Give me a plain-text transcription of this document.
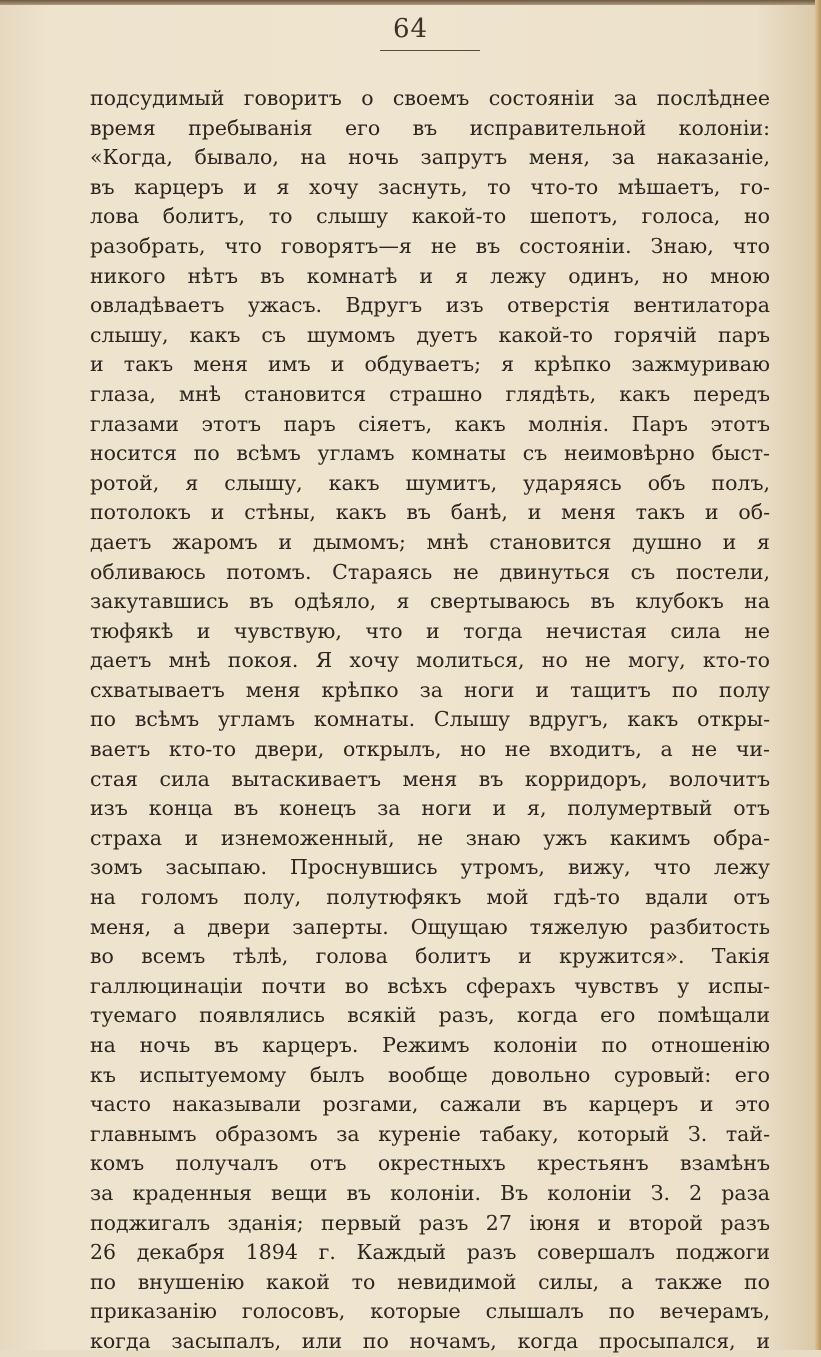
64
подсудимый говоритъ о своемъ состоянiи за послѣднее
время пребыванiя его въ исправительной колонiи:
«Когда, бывало, на ночь запрутъ меня, за наказанiе,
въ карцеръ и я хочу заснуть, то что-то мѣшаетъ, го-
лова болитъ, то слышу какой-то шепотъ, голоса, но
разобрать, что говорятъ—я не въ состоянiи. Знаю, что
никого нѣтъ въ комнатѣ и я лежу одинъ, но мною
овладѣваетъ ужасъ. Вдругъ изъ отверстiя вентилатора
слышу, какъ съ шумомъ дуетъ какой-то горячiй паръ
и такъ меня имъ и обдуваетъ; я крѣпко зажмуриваю
глаза, мнѣ становится страшно глядѣть, какъ передъ
глазами этотъ паръ сiяетъ, какъ молнiя. Паръ этотъ
носится по всѣмъ угламъ комнаты съ неимовѣрно быст-
ротой, я слышу, какъ шумитъ, ударяясь объ полъ,
потолокъ и стѣны, какъ въ банѣ, и меня такъ и об-
даетъ жаромъ и дымомъ; мнѣ становится душно и я
обливаюсь потомъ. Стараясь не двинуться съ постели,
закутавшись въ одѣяло, я свертываюсь въ клубокъ на
тюфякѣ и чувствую, что и тогда нечистая сила не
даетъ мнѣ покоя. Я хочу молиться, но не могу, кто-то
схватываетъ меня крѣпко за ноги и тащитъ по полу
по всѣмъ угламъ комнаты. Слышу вдругъ, какъ откры-
ваетъ кто-то двери, открылъ, но не входитъ, а не чи-
стая сила вытаскиваетъ меня въ корридоръ, волочитъ
изъ конца въ конецъ за ноги и я, полумертвый отъ
страха и изнеможенный, не знаю ужъ какимъ обра-
зомъ засыпаю. Проснувшись утромъ, вижу, что лежу
на голомъ полу, полутюфякъ мой гдѣ-то вдали отъ
меня, а двери заперты. Ощущаю тяжелую разбитость
во всемъ тѣлѣ, голова болитъ и кружится». Такiя
галлюцинацiи почти во всѣхъ сферахъ чувствъ у испы-
туемаго появлялись всякiй разъ, когда его помѣщали
на ночь въ карцеръ. Режимъ колонiи по отношенiю
къ испытуемому былъ вообще довольно суровый: его
часто наказывали розгами, сажали въ карцеръ и это
главнымъ образомъ за куренiе табаку, который З. тай-
комъ получалъ отъ окрестныхъ крестьянъ взамѣнъ
за краденныя вещи въ колонiи. Въ колонiи З. 2 раза
поджигалъ зданiя; первый разъ 27 iюня и второй разъ
26 декабря 1894 г. Каждый разъ совершалъ поджоги
по внушенiю какой то невидимой силы, а также по
приказанiю голосовъ, которые слышалъ по вечерамъ,
когда засыпалъ, или по ночамъ, когда просыпался, и
